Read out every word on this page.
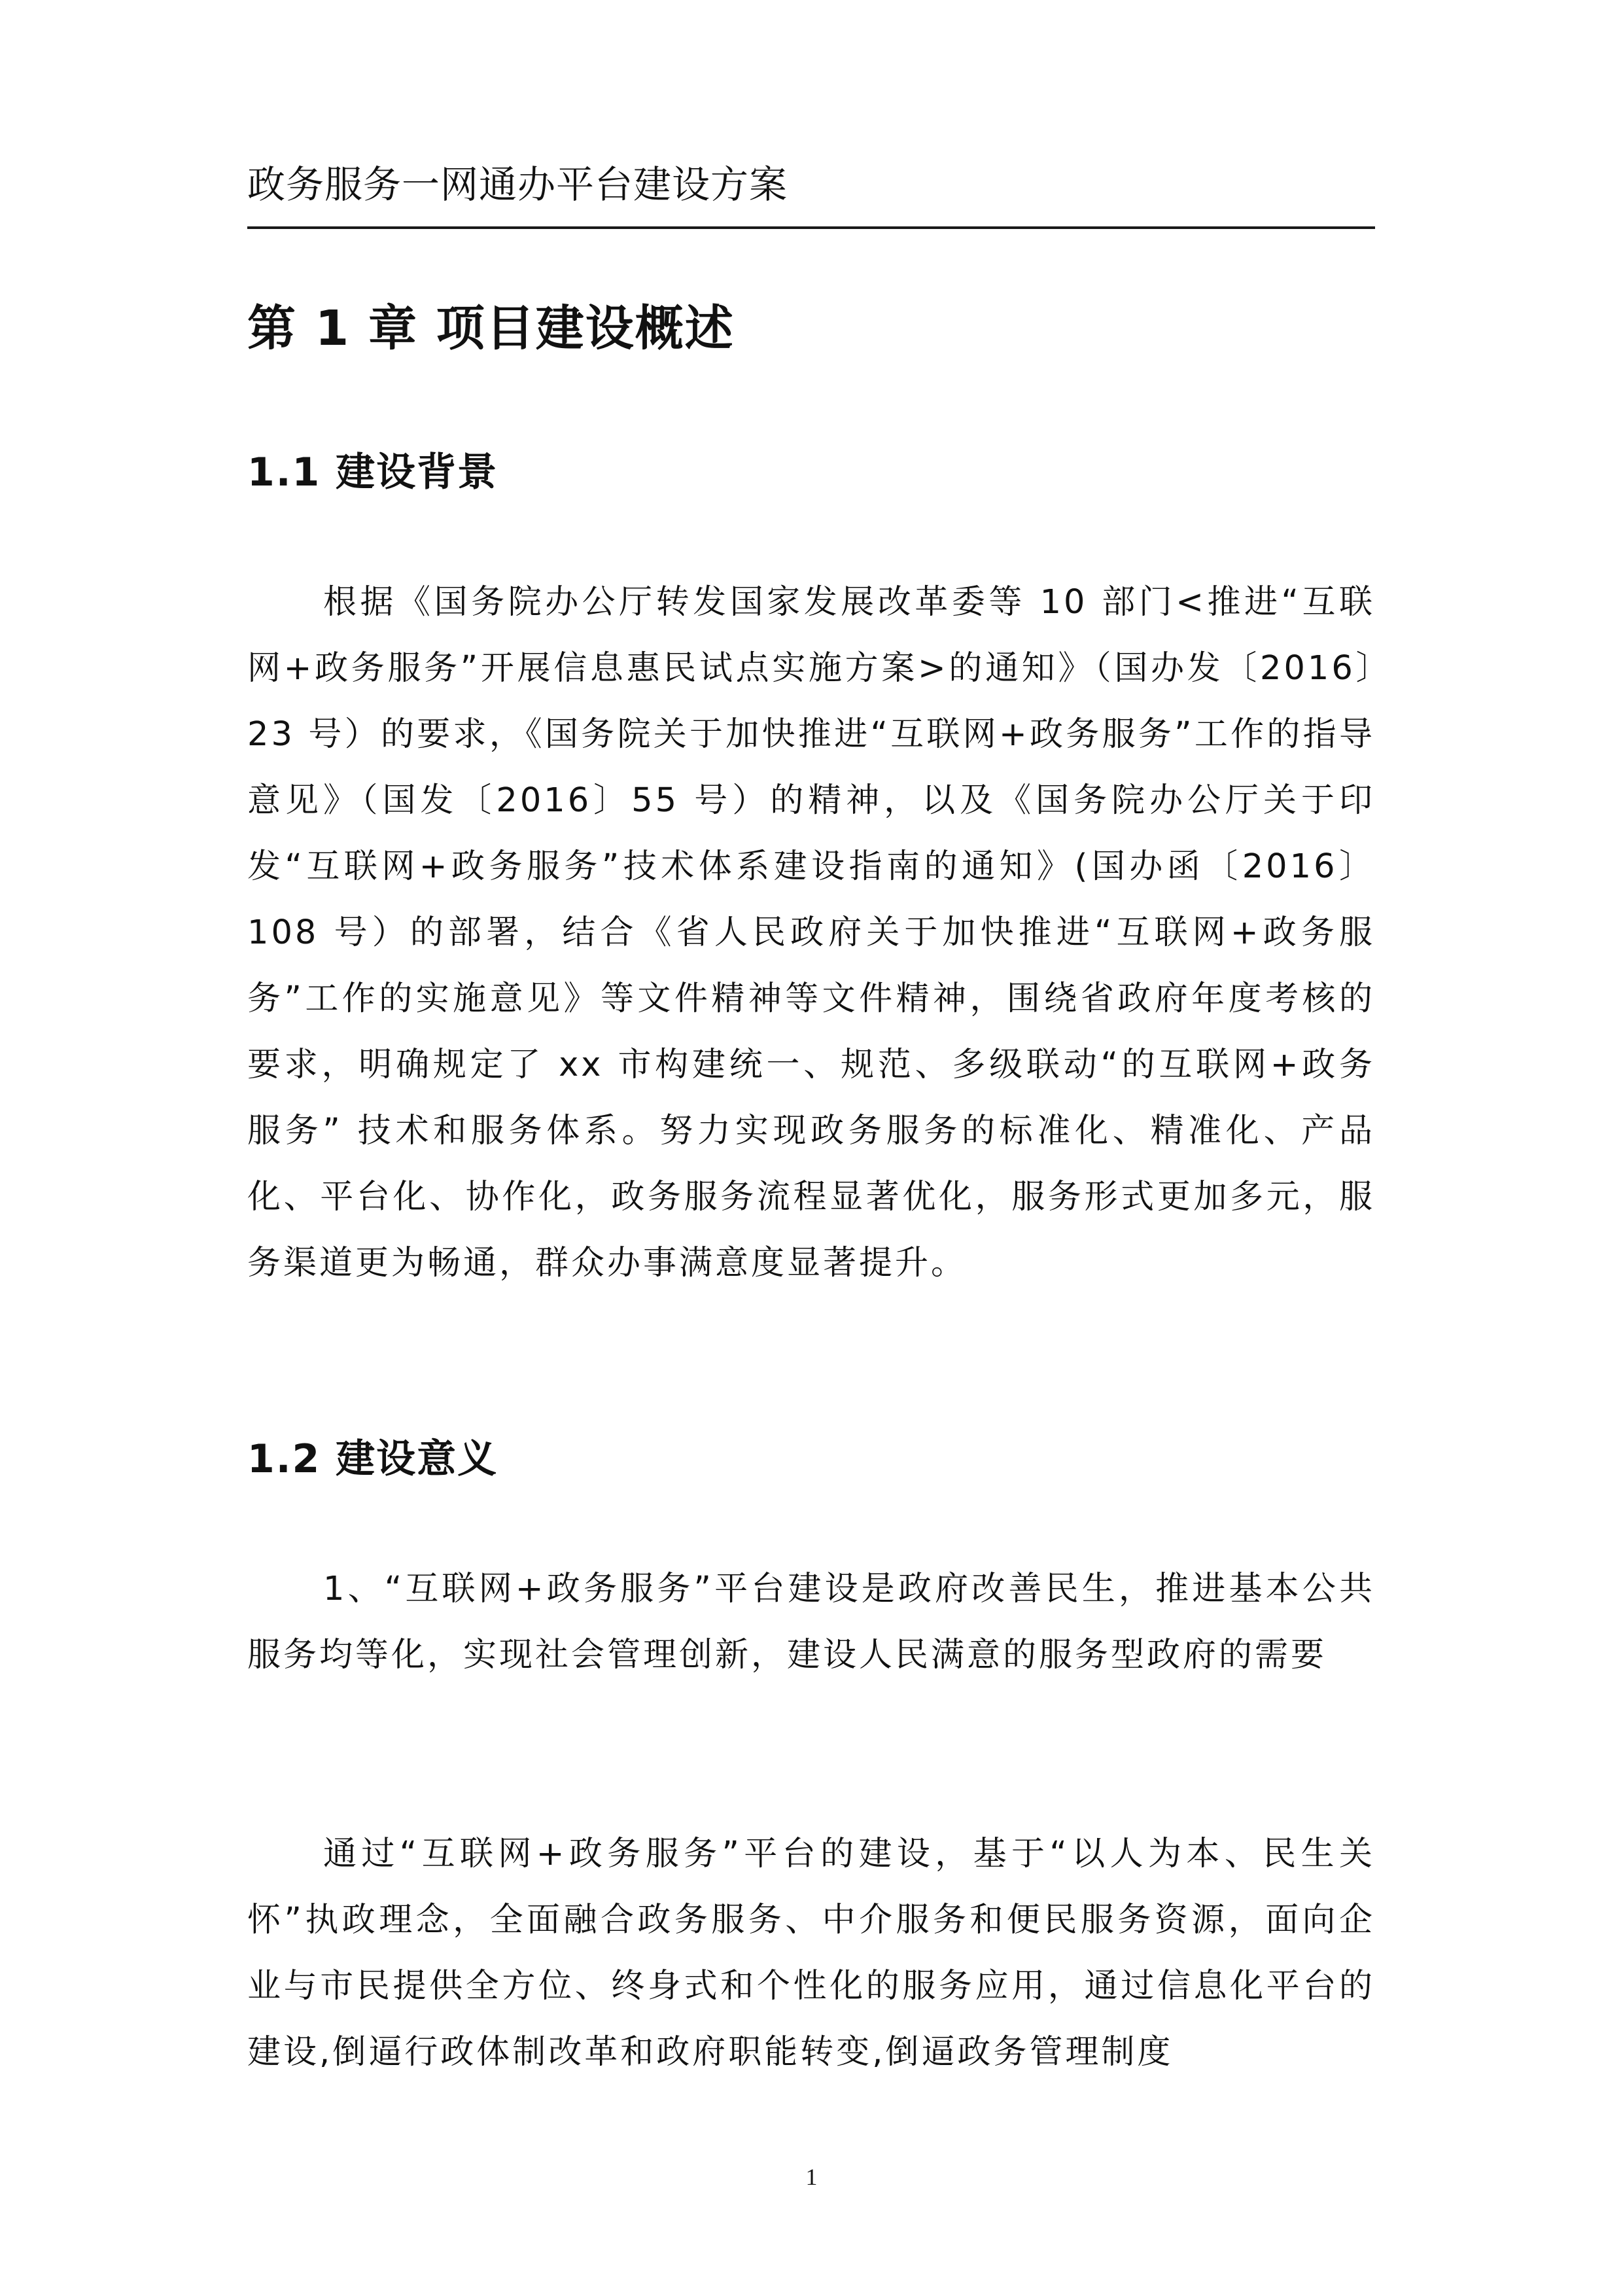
政务服务一网通办平台建设方案
第 1 章 项目建设概述
1.1 建设背景

根据《国务院办公厅转发国家发展改革委等 10 部门<推进“互联网+政务服务”开展信息惠民试点实施方案>的通知》（国办发〔2016〕23 号）的要求，《国务院关于加快推进“互联网+政务服务”工作的指导意见》（国发〔2016〕55 号）的精神，以及《国务院办公厅关于印发“互联网+政务服务”技术体系建设指南的通知》(国办函〔2016〕108 号）的部署，结合《省人民政府关于加快推进“互联网+政务服务”工作的实施意见》等文件精神等文件精神，围绕省政府年度考核的要求，明确规定了 xx 市构建统一、规范、多级联动“的互联网+政务服务” 技术和服务体系。努力实现政务服务的标准化、精准化、产品化、平台化、协作化，政务服务流程显著优化，服务形式更加多元，服务渠道更为畅通，群众办事满意度显著提升。

1.2 建设意义

1、“互联网+政务服务”平台建设是政府改善民生，推进基本公共服务均等化，实现社会管理创新，建设人民满意的服务型政府的需要

通过“互联网+政务服务”平台的建设，基于“以人为本、民生关怀”执政理念，全面融合政务服务、中介服务和便民服务资源，面向企业与市民提供全方位、终身式和个性化的服务应用，通过信息化平台的建设,倒逼行政体制改革和政府职能转变,倒逼政务管理制度

1
